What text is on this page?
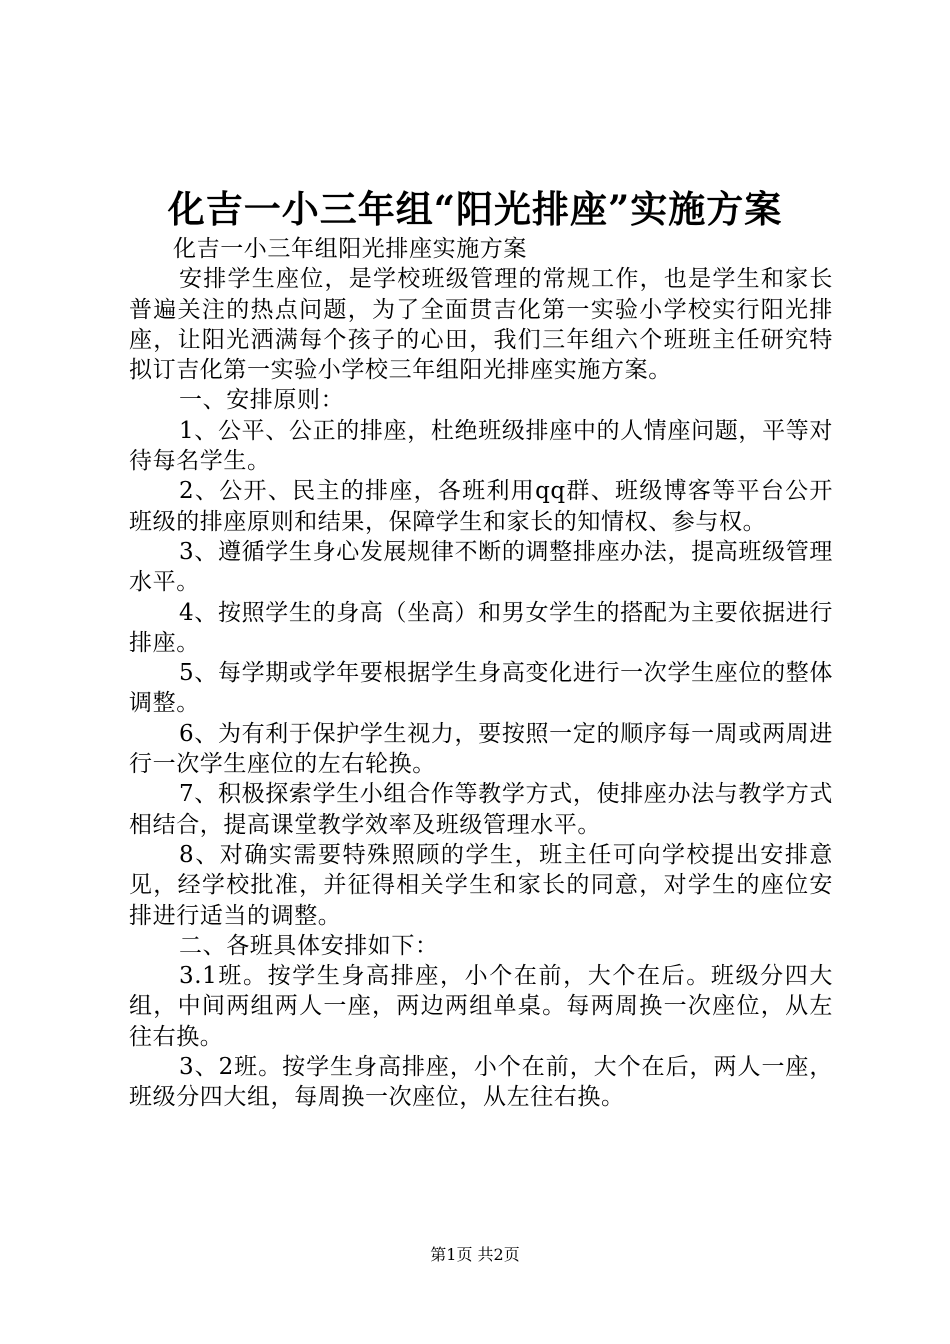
化吉一小三年组“阳光排座”实施方案

化吉一小三年组阳光排座实施方案

安排学生座位，是学校班级管理的常规工作，也是学生和家长普遍关注的热点问题，为了全面贯吉化第一实验小学校实行阳光排座，让阳光洒满每个孩子的心田，我们三年组六个班班主任研究特拟订吉化第一实验小学校三年组阳光排座实施方案。

一、安排原则：

1、公平、公正的排座，杜绝班级排座中的人情座问题，平等对待每名学生。

2、公开、民主的排座，各班利用qq群、班级博客等平台公开班级的排座原则和结果，保障学生和家长的知情权、参与权。

3、遵循学生身心发展规律不断的调整排座办法，提高班级管理水平。

4、按照学生的身高（坐高）和男女学生的搭配为主要依据进行排座。

5、每学期或学年要根据学生身高变化进行一次学生座位的整体调整。

6、为有利于保护学生视力，要按照一定的顺序每一周或两周进行一次学生座位的左右轮换。

7、积极探索学生小组合作等教学方式，使排座办法与教学方式相结合，提高课堂教学效率及班级管理水平。

8、对确实需要特殊照顾的学生，班主任可向学校提出安排意见，经学校批准，并征得相关学生和家长的同意，对学生的座位安排进行适当的调整。

二、各班具体安排如下：

3.1班。按学生身高排座，小个在前，大个在后。班级分四大组，中间两组两人一座，两边两组单桌。每两周换一次座位，从左往右换。

3、2班。按学生身高排座，小个在前，大个在后，两人一座，班级分四大组，每周换一次座位，从左往右换。

第1页 共2页
